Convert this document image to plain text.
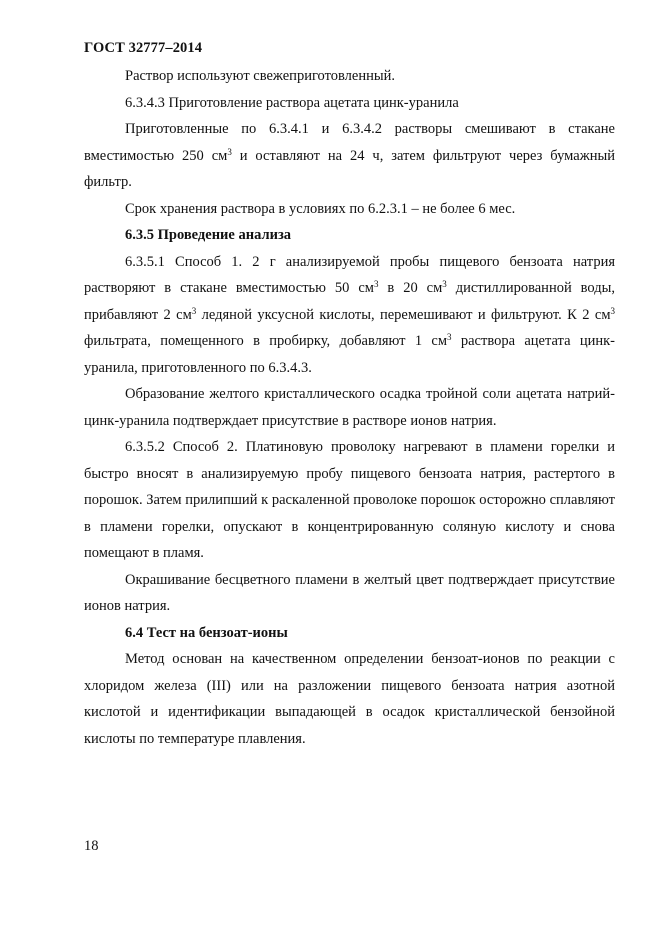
ГОСТ 32777–2014

Раствор используют свежеприготовленный.

6.3.4.3 Приготовление раствора ацетата цинк-уранила

Приготовленные по 6.3.4.1 и 6.3.4.2 растворы смешивают в стакане вместимостью 250 $см^3$ и оставляют на 24 ч, затем фильтруют через бумажный фильтр.

Срок хранения раствора в условиях по 6.2.3.1 – не более 6 мес.

6.3.5 Проведение анализа

6.3.5.1 Способ 1. 2 г анализируемой пробы пищевого бензоата натрия растворяют в стакане вместимостью 50 $см^3$ в 20 $см^3$ дистиллированной воды, прибавляют 2 $см^3$ ледяной уксусной кислоты, перемешивают и фильтруют. К 2 $см^3$ фильтрата, помещенного в пробирку, добавляют 1 $см^3$ раствора ацетата цинк-уранила, приготовленного по 6.3.4.3.

Образование желтого кристаллического осадка тройной соли ацетата натрий-цинк-уранила подтверждает присутствие в растворе ионов натрия.

6.3.5.2 Способ 2. Платиновую проволоку нагревают в пламени горелки и быстро вносят в анализируемую пробу пищевого бензоата натрия, растертого в порошок. Затем прилипший к раскаленной проволоке порошок осторожно сплавляют в пламени горелки, опускают в концентрированную соляную кислоту и снова помещают в пламя.

Окрашивание бесцветного пламени в желтый цвет подтверждает присутствие ионов натрия.

6.4 Тест на бензоат-ионы

Метод основан на качественном определении бензоат-ионов по реакции с хлоридом железа (III) или на разложении пищевого бензоата натрия азотной кислотой и идентификации выпадающей в осадок кристаллической бензойной кислоты по температуре плавления.

18
